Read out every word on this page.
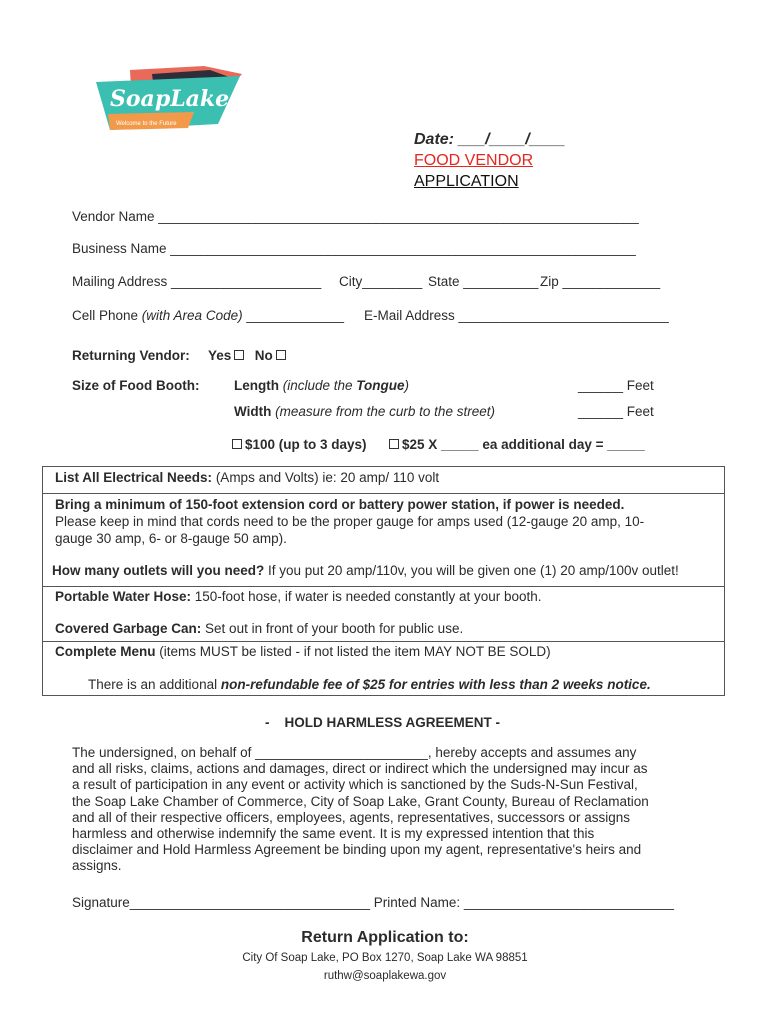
SoapLake
Welcome to the Future
Date: ___/____/____
FOOD VENDOR
APPLICATION
Vendor Name ________________________________________________________________
Business Name ______________________________________________________________
Mailing Address ____________________ City________ State __________ Zip _____________
Cell Phone (with Area Code) _____________ E-Mail Address ____________________________
Returning Vendor: Yes No
Size of Food Booth:	Length (include the Tongue)	______ Feet
Width (measure from the curb to the street)	______ Feet
$100 (up to 3 days)	$25 X _____ ea additional day = _____
List All Electrical Needs: (Amps and Volts) ie: 20 amp/ 110 volt
Bring a minimum of 150-foot extension cord or battery power station, if power is needed.
Please keep in mind that cords need to be the proper gauge for amps used (12-gauge 20 amp, 10-
gauge 30 amp, 6- or 8-gauge 50 amp).
How many outlets will you need? If you put 20 amp/110v, you will be given one (1) 20 amp/100v outlet!
Portable Water Hose: 150-foot hose, if water is needed constantly at your booth.
Covered Garbage Can: Set out in front of your booth for public use.
Complete Menu (items MUST be listed - if not listed the item MAY NOT BE SOLD)
There is an additional non-refundable fee of $25 for entries with less than 2 weeks notice.
- HOLD HARMLESS AGREEMENT -
The undersigned, on behalf of _______________________, hereby accepts and assumes any
and all risks, claims, actions and damages, direct or indirect which the undersigned may incur as
a result of participation in any event or activity which is sanctioned by the Suds-N-Sun Festival,
the Soap Lake Chamber of Commerce, City of Soap Lake, Grant County, Bureau of Reclamation
and all of their respective officers, employees, agents, representatives, successors or assigns
harmless and otherwise indemnify the same event. It is my expressed intention that this
disclaimer and Hold Harmless Agreement be binding upon my agent, representative's heirs and
assigns.
Signature________________________________ Printed Name: ____________________________
Return Application to:
City Of Soap Lake, PO Box 1270, Soap Lake WA 98851
ruthw@soaplakewa.gov
